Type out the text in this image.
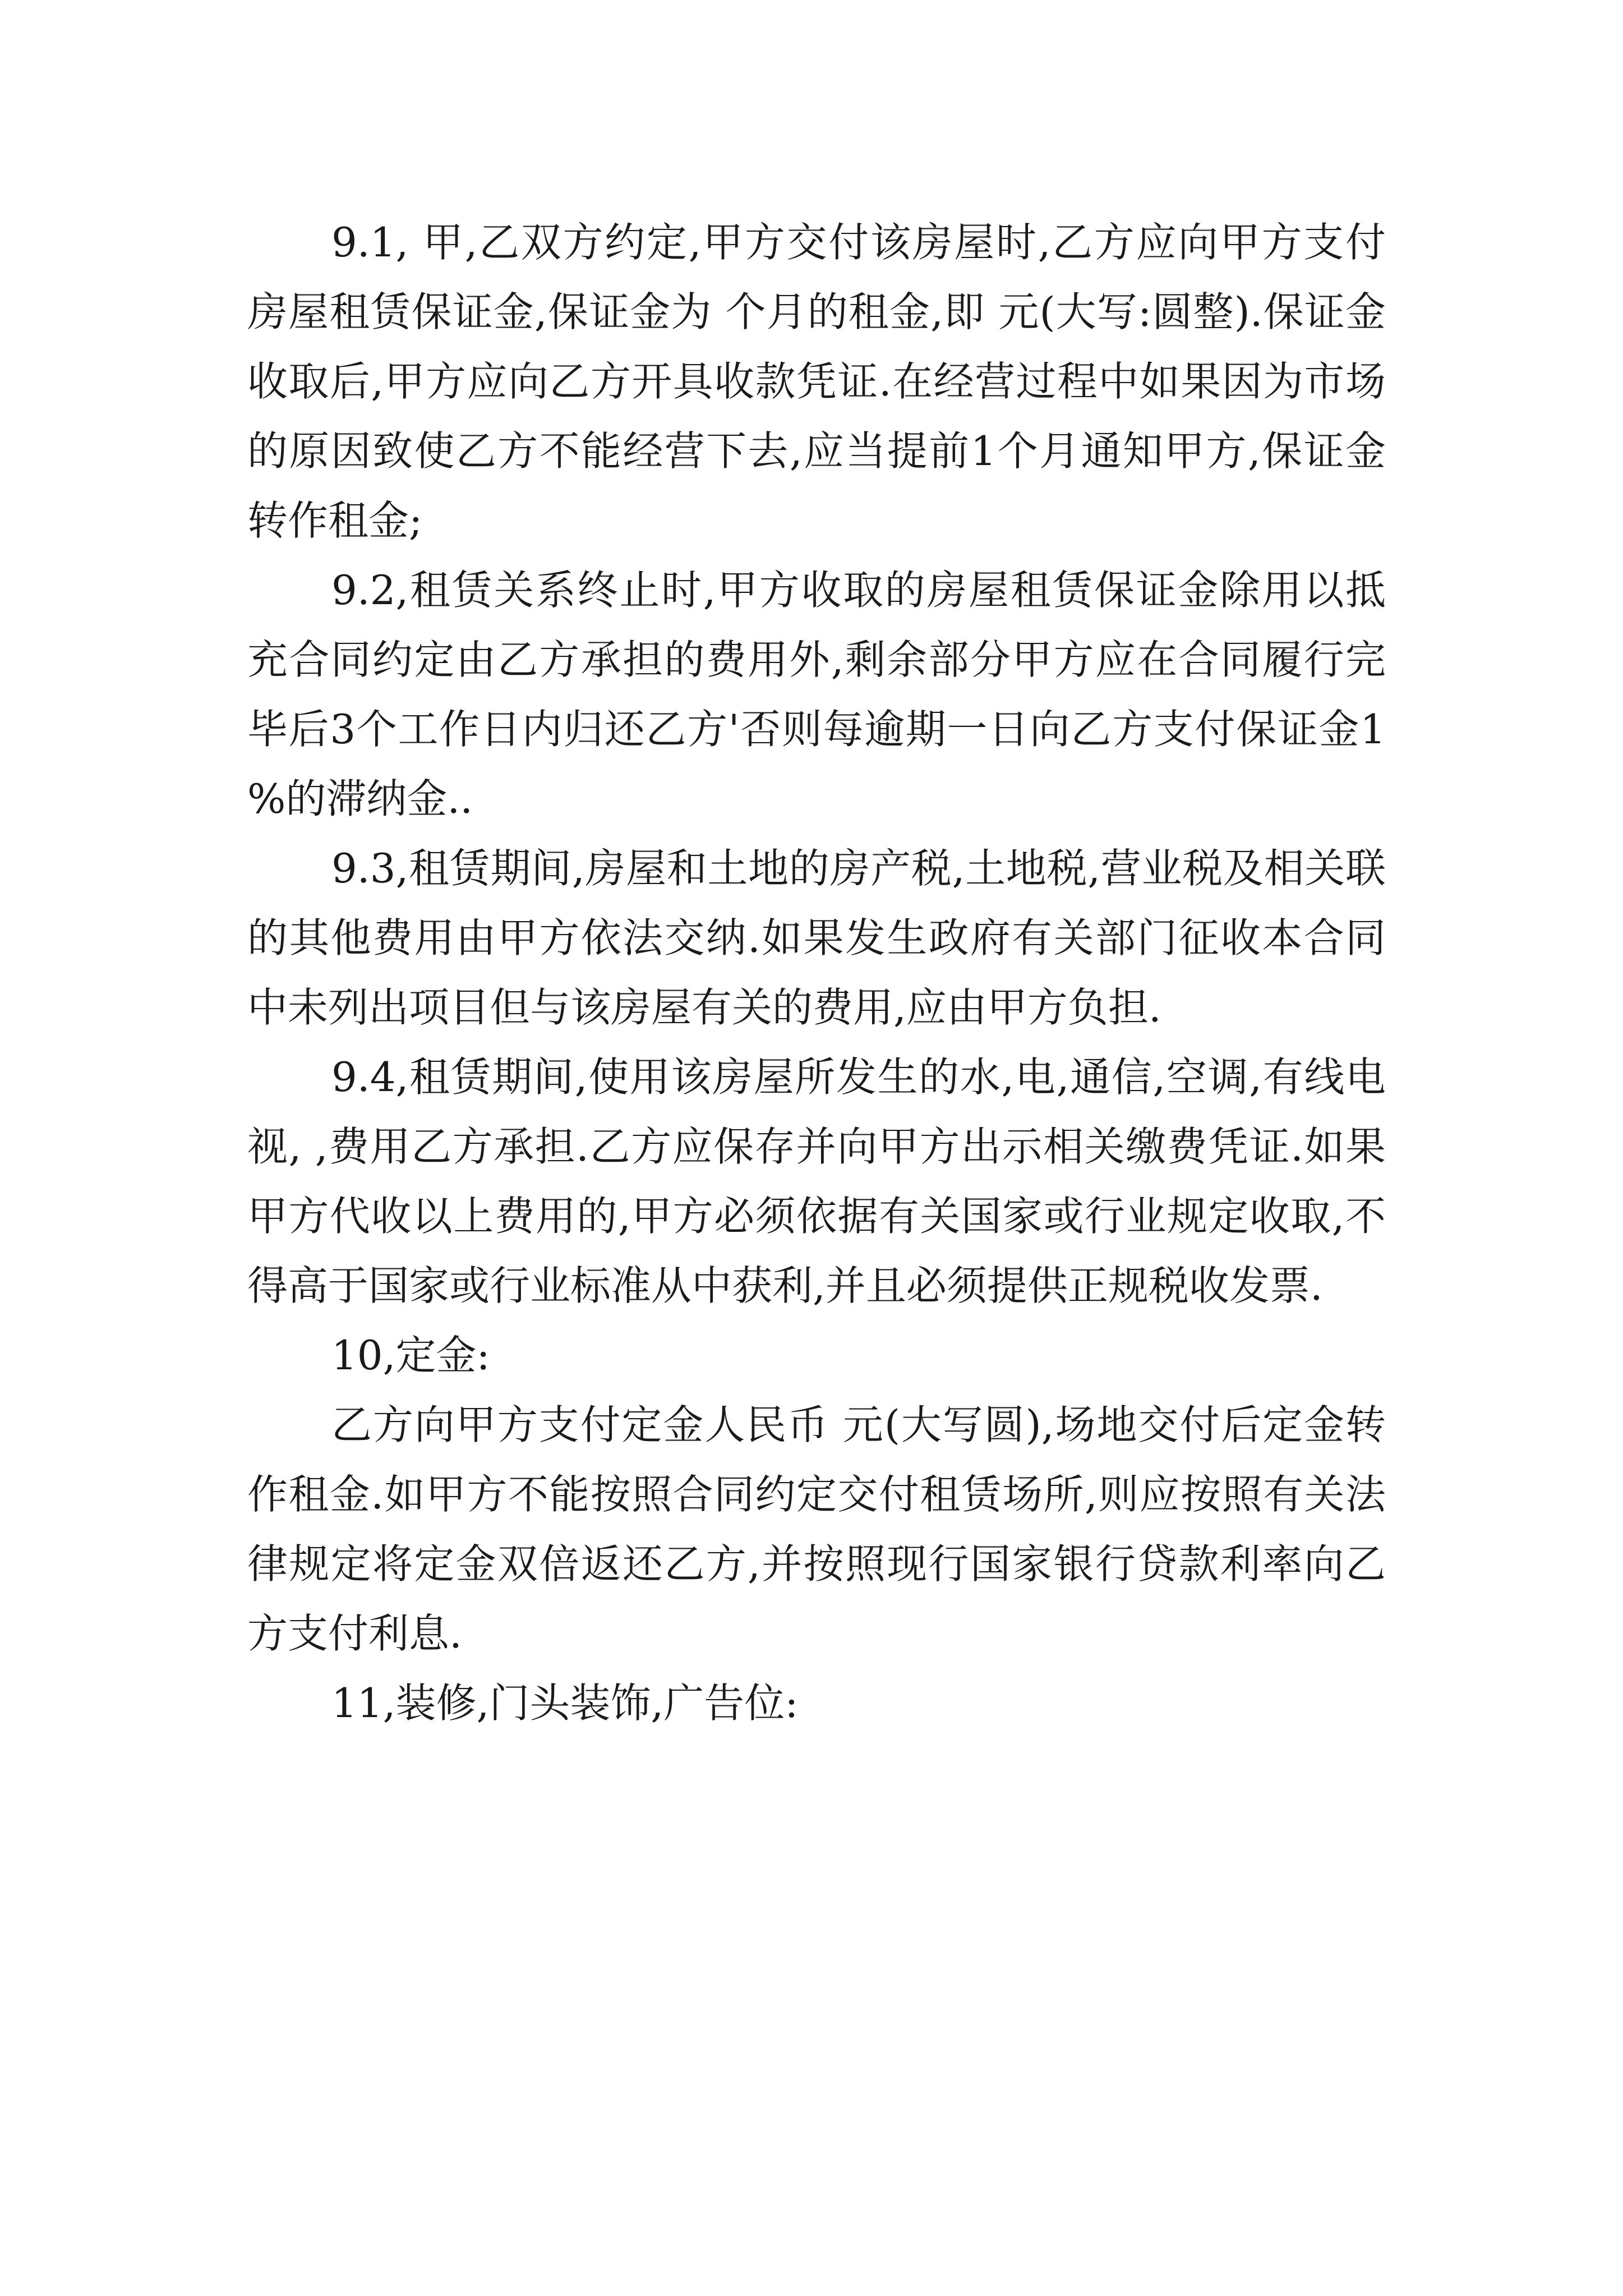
9.1, 甲,乙双方约定,甲方交付该房屋时,乙方应向甲方支付房屋租赁保证金,保证金为 个月的租金,即 元(大写:圆整).保证金收取后,甲方应向乙方开具收款凭证.在经营过程中如果因为市场的原因致使乙方不能经营下去,应当提前1个月通知甲方,保证金转作租金;

9.2,租赁关系终止时,甲方收取的房屋租赁保证金除用以抵充合同约定由乙方承担的费用外,剩余部分甲方应在合同履行完毕后3个工作日内归还乙方'否则每逾期一日向乙方支付保证金1%的滞纳金..

9.3,租赁期间,房屋和土地的房产税,土地税,营业税及相关联的其他费用由甲方依法交纳.如果发生政府有关部门征收本合同中未列出项目但与该房屋有关的费用,应由甲方负担.

9.4,租赁期间,使用该房屋所发生的水,电,通信,空调,有线电视, ,费用乙方承担.乙方应保存并向甲方出示相关缴费凭证.如果甲方代收以上费用的,甲方必须依据有关国家或行业规定收取,不得高于国家或行业标准从中获利,并且必须提供正规税收发票.

10,定金:

乙方向甲方支付定金人民币 元(大写圆),场地交付后定金转作租金.如甲方不能按照合同约定交付租赁场所,则应按照有关法律规定将定金双倍返还乙方,并按照现行国家银行贷款利率向乙方支付利息.

11,装修,门头装饰,广告位:
